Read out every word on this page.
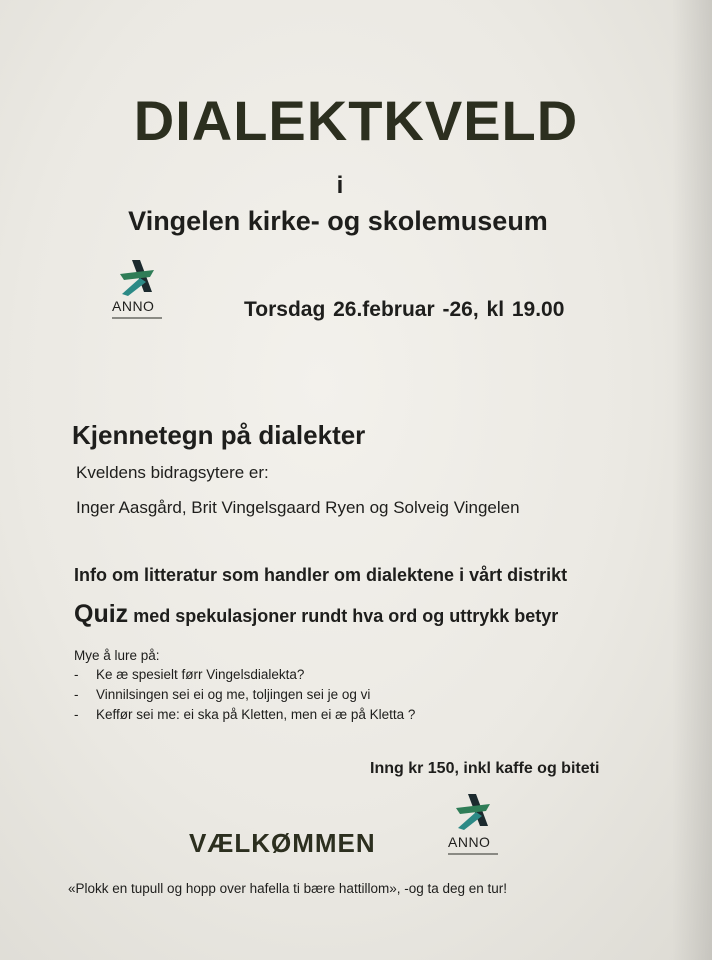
DIALEKTKVELD
i
Vingelen kirke- og skolemuseum
ANNO	Torsdag 26.februar -26, kl 19.00
Kjennetegn på dialekter
Kveldens bidragsytere er:
Inger Aasgård, Brit Vingelsgaard Ryen og Solveig Vingelen
Info om litteratur som handler om dialektene i vårt distrikt
Quiz med spekulasjoner rundt hva ord og uttrykk betyr
Mye å lure på:
- Ke æ spesielt førr Vingelsdialekta?
- Vinnilsingen sei ei og me, toljingen sei je og vi
- Keffør sei me: ei ska på Kletten, men ei æ på Kletta ?
Inng kr 150, inkl kaffe og biteti
ANNO
VÆLKØMMEN
«Plokk en tupull og hopp over hafella ti bære hattillom», -og ta deg en tur!
